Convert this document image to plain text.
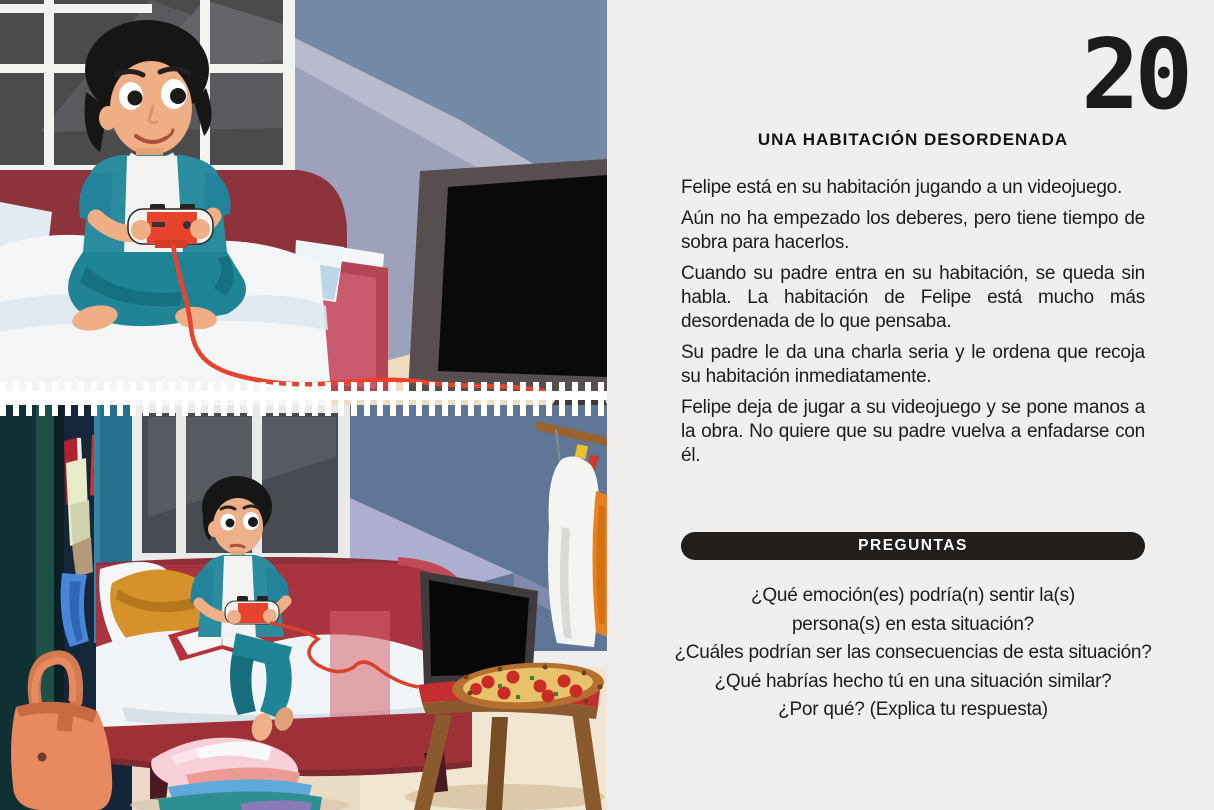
20
UNA HABITACIÓN DESORDENADA

Felipe está en su habitación jugando a un videojuego.

Aún no ha empezado los deberes, pero tiene tiempo de sobra para hacerlos.

Cuando su padre entra en su habitación, se queda sin habla. La habitación de Felipe está mucho más desordenada de lo que pensaba.

Su padre le da una charla seria y le ordena que recoja su habitación inmediatamente.

Felipe deja de jugar a su videojuego y se pone manos a la obra. No quiere que su padre vuelva a enfadarse con él.

PREGUNTAS

¿Qué emoción(es) podría(n) sentir la(s)
persona(s) en esta situación?

¿Cuáles podrían ser las consecuencias de esta situación?

¿Qué habrías hecho tú en una situación similar?

¿Por qué? (Explica tu respuesta)
